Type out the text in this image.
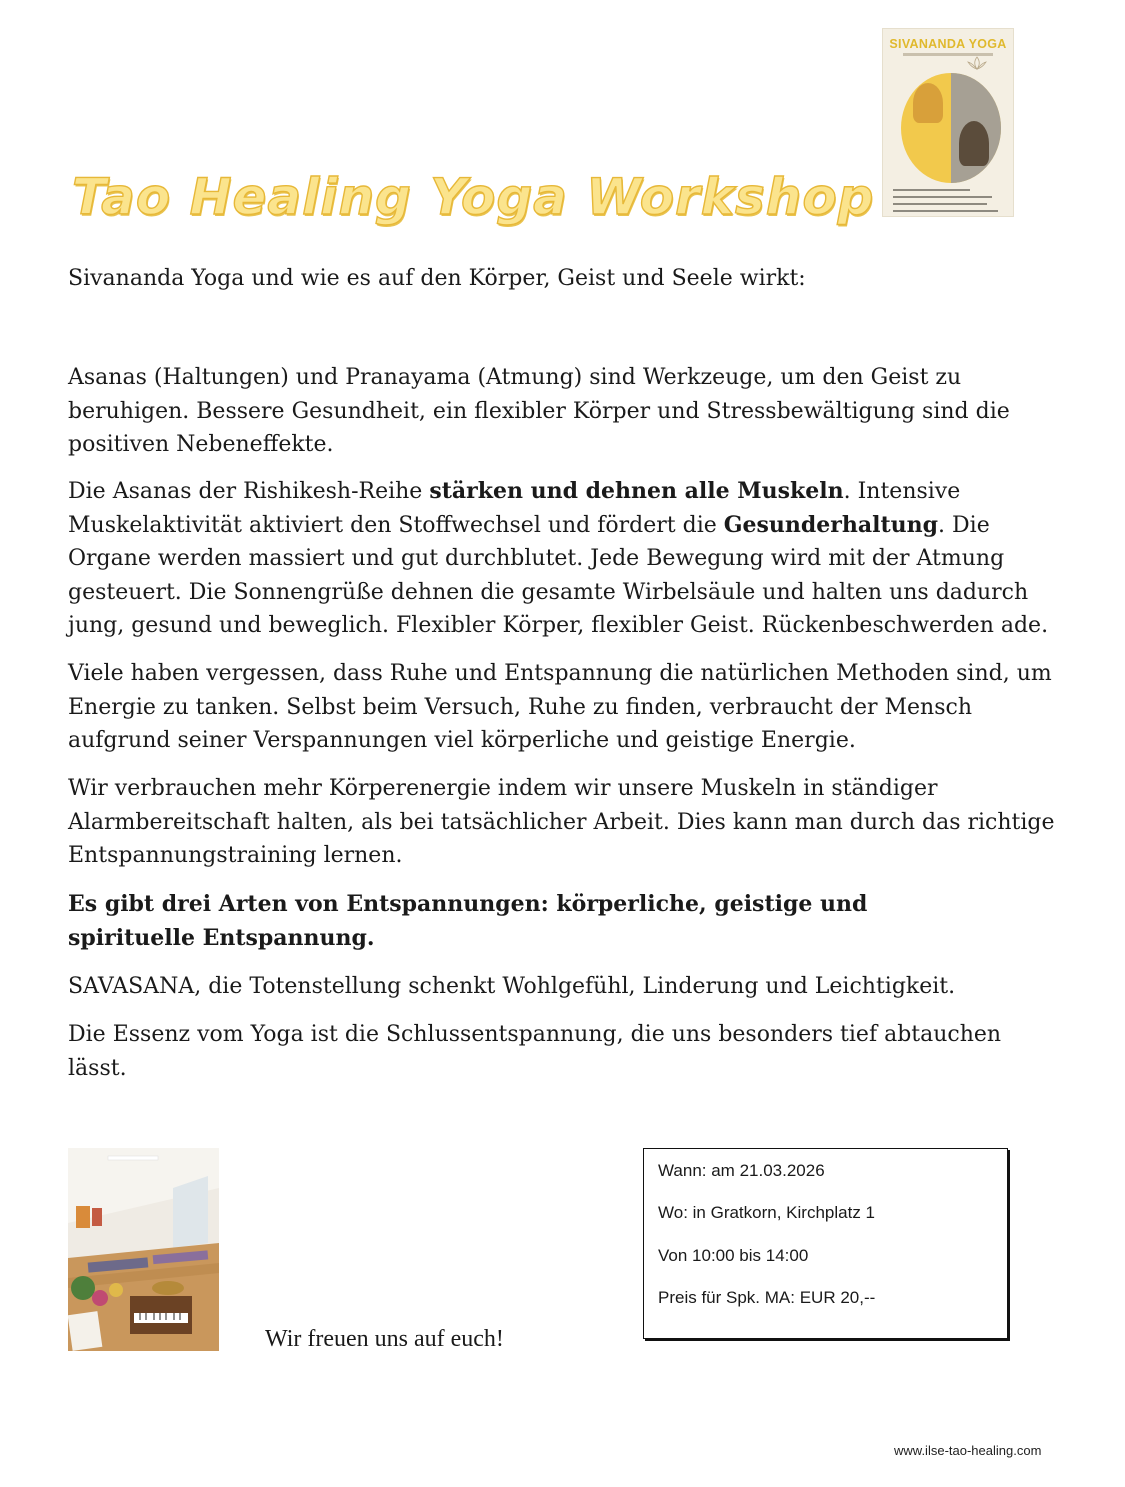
Tao Healing Yoga Workshop
SIVANANDA YOGA

Sivananda Yoga und wie es auf den Körper, Geist und Seele wirkt:

Asanas (Haltungen) und Pranayama (Atmung) sind Werkzeuge, um den Geist zu beruhigen. Bessere Gesundheit, ein flexibler Körper und Stressbewältigung sind die positiven Nebeneffekte.

Die Asanas der Rishikesh-Reihe stärken und dehnen alle Muskeln. Intensive Muskelaktivität aktiviert den Stoffwechsel und fördert die Gesunderhaltung. Die Organe werden massiert und gut durchblutet. Jede Bewegung wird mit der Atmung gesteuert. Die Sonnengrüße dehnen die gesamte Wirbelsäule und halten uns dadurch jung, gesund und beweglich. Flexibler Körper, flexibler Geist. Rückenbeschwerden ade.

Viele haben vergessen, dass Ruhe und Entspannung die natürlichen Methoden sind, um Energie zu tanken. Selbst beim Versuch, Ruhe zu finden, verbraucht der Mensch aufgrund seiner Verspannungen viel körperliche und geistige Energie.

Wir verbrauchen mehr Körperenergie indem wir unsere Muskeln in ständiger Alarmbereitschaft halten, als bei tatsächlicher Arbeit. Dies kann man durch das richtige Entspannungstraining lernen.

Es gibt drei Arten von Entspannungen: körperliche, geistige und spirituelle Entspannung.

SAVASANA, die Totenstellung schenkt Wohlgefühl, Linderung und Leichtigkeit.

Die Essenz vom Yoga ist die Schlussentspannung, die uns besonders tief abtauchen lässt.

Wir freuen uns auf euch!
Wann: am 21.03.2026
Wo: in Gratkorn, Kirchplatz 1
Von 10:00 bis 14:00
Preis für Spk. MA: EUR 20,--
www.ilse-tao-healing.com
